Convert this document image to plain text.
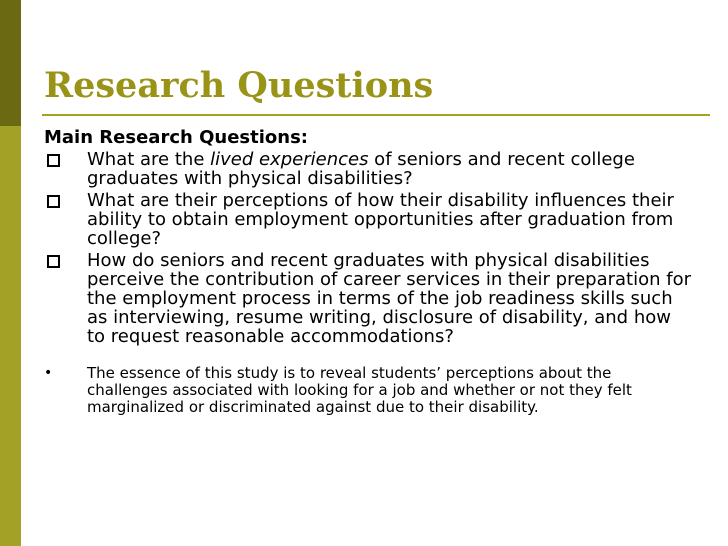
Research Questions

Main Research Questions:

What are the lived experiences of seniors and recent college graduates with physical disabilities?
What are their perceptions of how their disability influences their ability to obtain employment opportunities after graduation from college?
How do seniors and recent graduates with physical disabilities perceive the contribution of career services in their preparation for the employment process in terms of the job readiness skills such as interviewing, resume writing, disclosure of disability, and how to request reasonable accommodations?
• The essence of this study is to reveal students’ perceptions about the challenges associated with looking for a job and whether or not they felt marginalized or discriminated against due to their disability.
